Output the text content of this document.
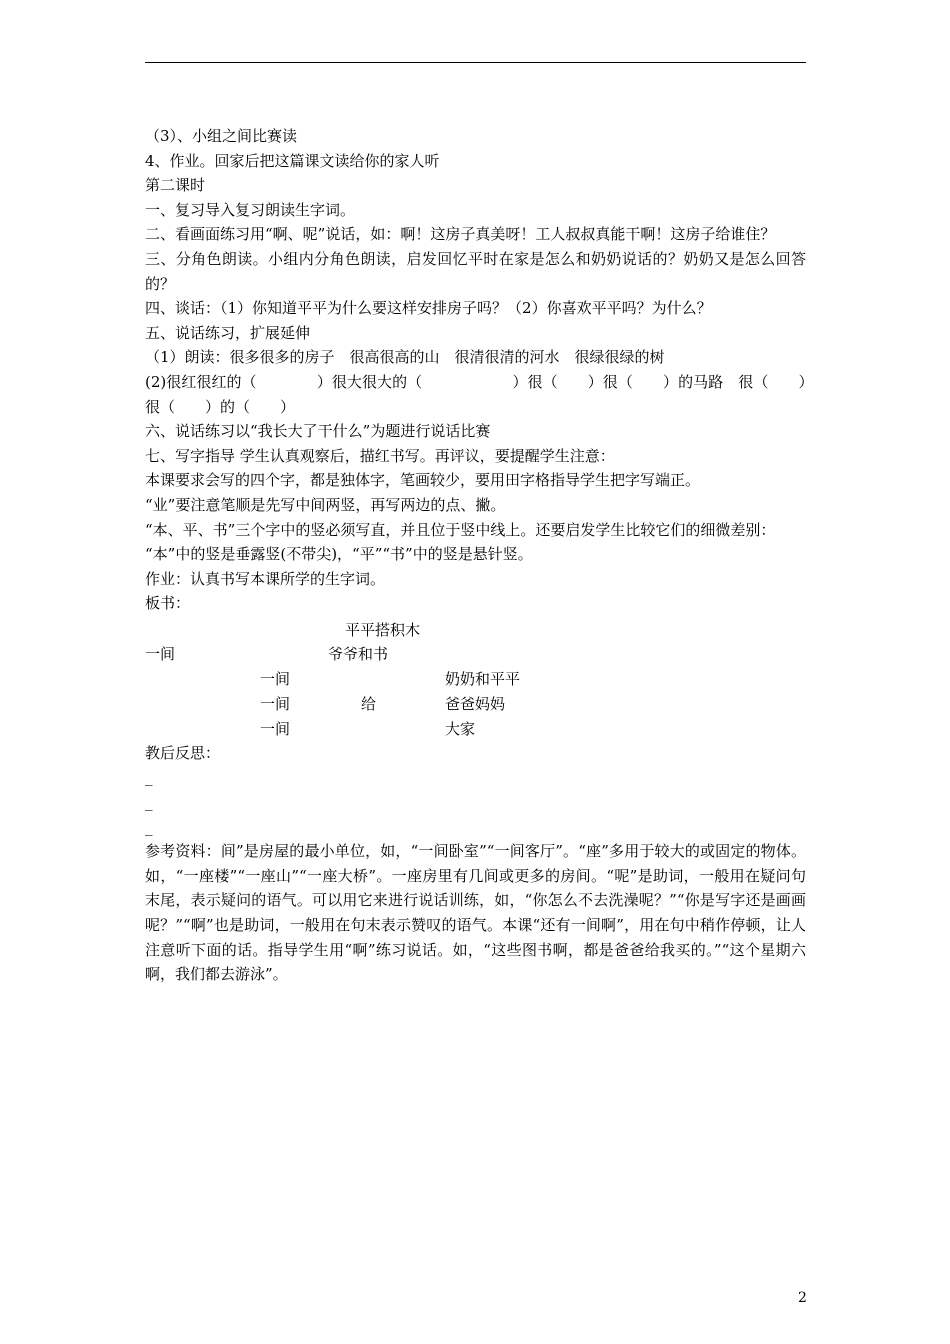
（3）、小组之间比赛读

4、作业。回家后把这篇课文读给你的家人听

第二课时

一、复习导入复习朗读生字词。

二、看画面练习用“啊、呢”说话，如：啊！这房子真美呀！工人叔叔真能干啊！这房子给谁住？

三、分角色朗读。小组内分角色朗读，启发回忆平时在家是怎么和奶奶说话的？奶奶又是怎么回答的？

四、谈话：（1）你知道平平为什么要这样安排房子吗？（2）你喜欢平平吗？为什么？

五、说话练习，扩展延伸

（1）朗读：很多很多的房子　很高很高的山　很清很清的河水　很绿很绿的树

(2)很红很红的（　　　　）很大很大的（　　　　　　）很（　　）很（　　）的马路　很（　　）很（　　）的（　　）

六、说话练习以“我长大了干什么”为题进行说话比赛

七、写字指导 学生认真观察后，描红书写。再评议，要提醒学生注意：

本课要求会写的四个字，都是独体字，笔画较少，要用田字格指导学生把字写端正。

“业”要注意笔顺是先写中间两竖，再写两边的点、撇。

“本、平、书”三个字中的竖必须写直，并且位于竖中线上。还要启发学生比较它们的细微差别：

“本”中的竖是垂露竖(不带尖)，“平”“书”中的竖是悬针竖。

作业：认真书写本课所学的生字词。

板书：

平平搭积木
一间	爷爷和书
一间	奶奶和平平
一间	给	爸爸妈妈
一间	大家

教后反思：

_

_

_

参考资料：间”是房屋的最小单位，如，“一间卧室”“一间客厅”。“座”多用于较大的或固定的物体。如，“一座楼”“一座山”“一座大桥”。一座房里有几间或更多的房间。“呢”是助词，一般用在疑问句末尾，表示疑问的语气。可以用它来进行说话训练，如，“你怎么不去洗澡呢？”“你是写字还是画画呢？”“啊”也是助词，一般用在句末表示赞叹的语气。本课“还有一间啊”，用在句中稍作停顿，让人注意听下面的话。指导学生用“啊”练习说话。如，“这些图书啊，都是爸爸给我买的。”“这个星期六啊，我们都去游泳”。

2
